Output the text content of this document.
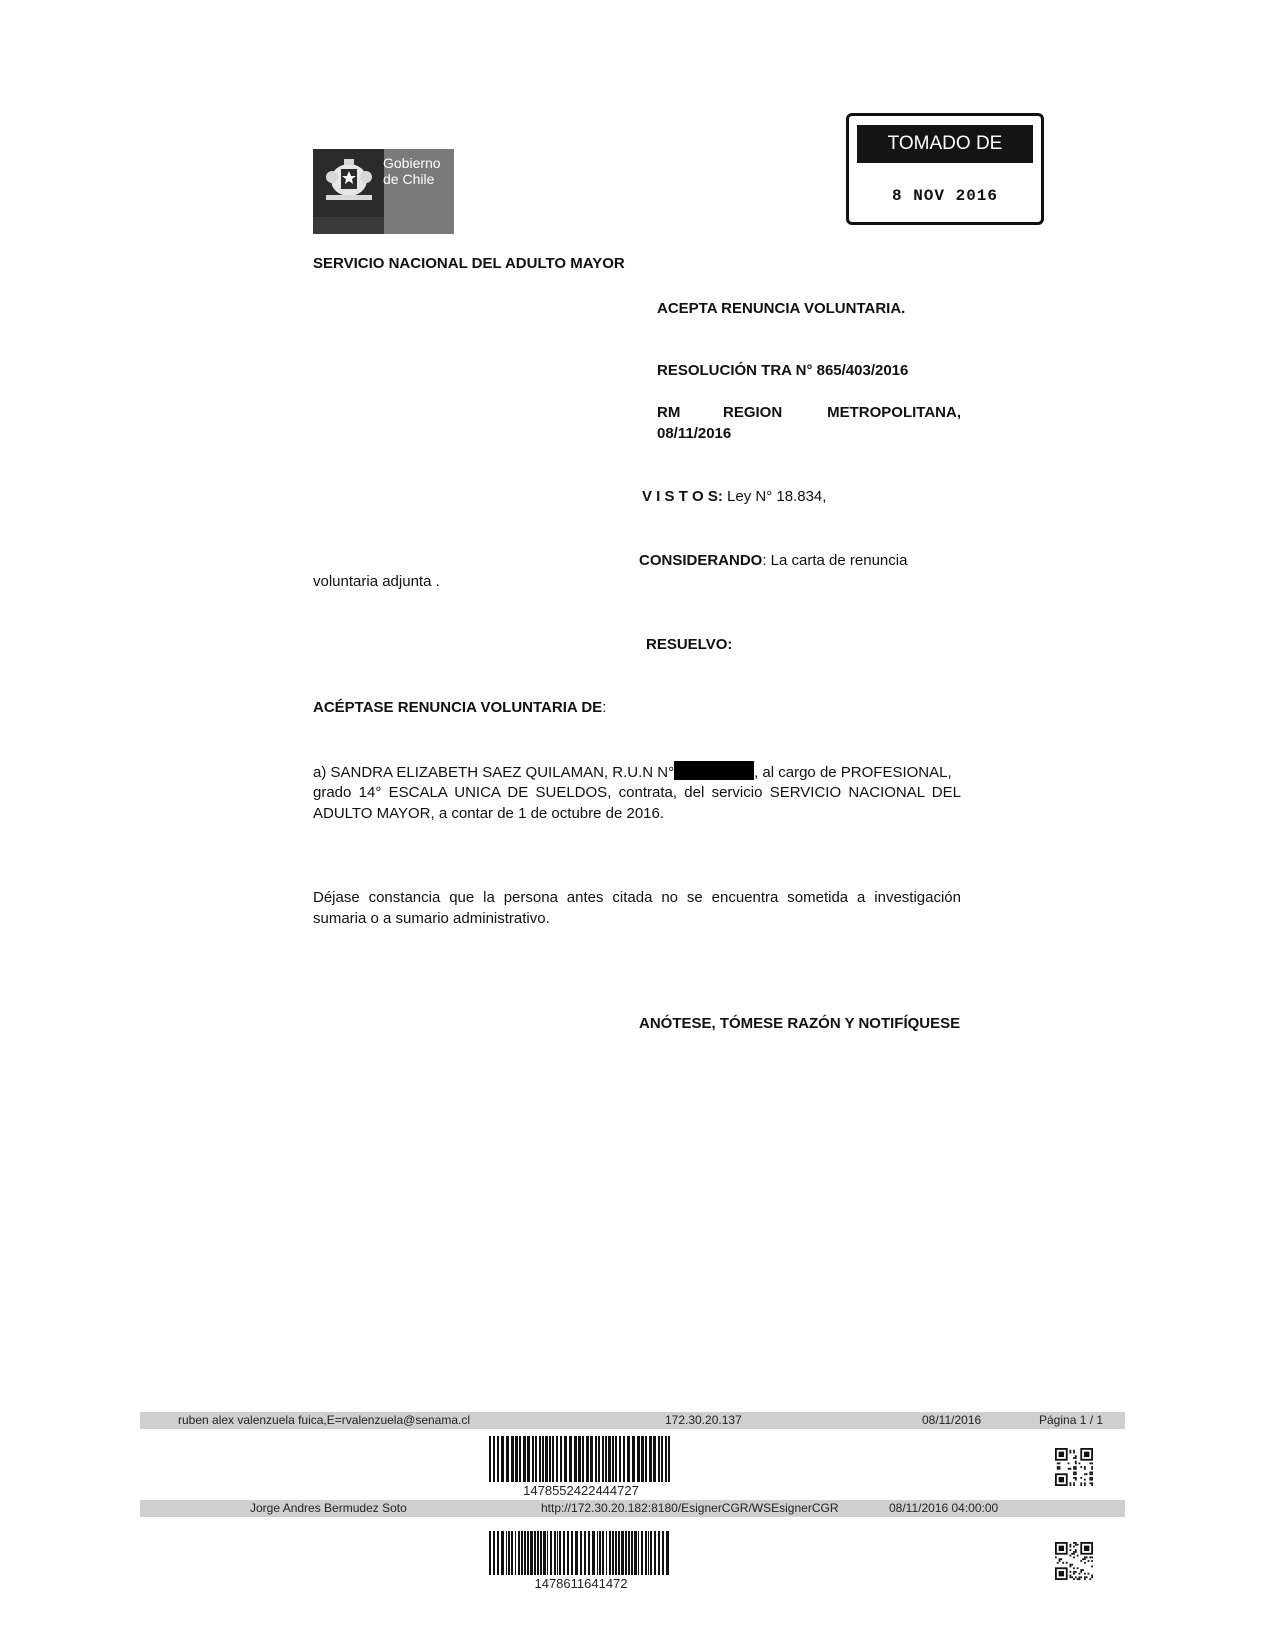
Gobierno
de Chile
TOMADO DE RAZÓN
8 NOV 2016
SERVICIO NACIONAL DEL ADULTO MAYOR
ACEPTA RENUNCIA VOLUNTARIA.
RESOLUCIÓN TRA N° 865/403/2016
RM	REGION	METROPOLITANA,
08/11/2016
V I S T O S: Ley N° 18.834,
CONSIDERANDO: La carta de renuncia
voluntaria adjunta .
RESUELVO:
ACÉPTASE RENUNCIA VOLUNTARIA DE:
a) SANDRA ELIZABETH SAEZ QUILAMAN, R.U.N N°	, al cargo de PROFESIONAL,
grado 14° ESCALA UNICA DE SUELDOS, contrata, del servicio SERVICIO NACIONAL DEL
ADULTO MAYOR, a contar de 1 de octubre de 2016.
Déjase constancia que la persona antes citada no se encuentra sometida a investigación
sumaria o a sumario administrativo.
ANÓTESE, TÓMESE RAZÓN Y NOTIFÍQUESE
ruben alex valenzuela fuica,E=rvalenzuela@senama.cl	172.30.20.137	08/11/2016	Página 1 / 1
1478552422444727
Jorge Andres Bermudez Soto	http://172.30.20.182:8180/EsignerCGR/WSEsignerCGR	08/11/2016 04:00:00
1478611641472
